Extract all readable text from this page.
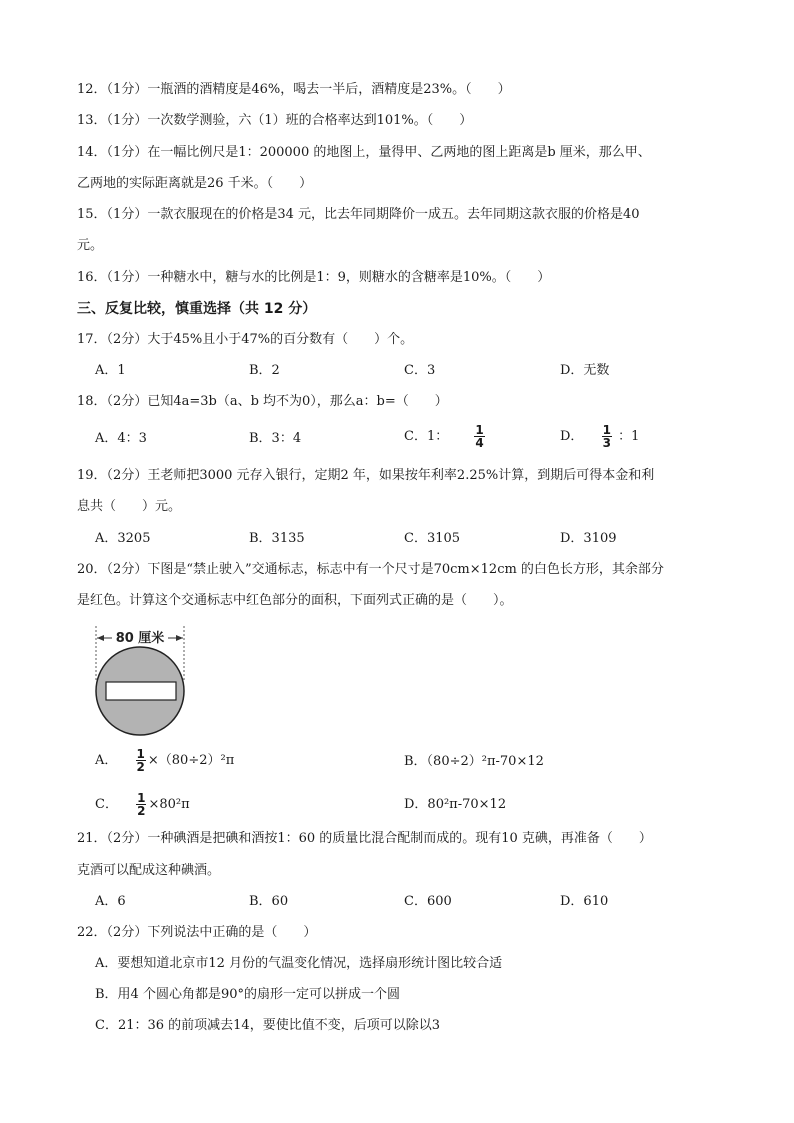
12．（1分）一瓶酒的酒精度是46%，喝去一半后，酒精度是23%。（　　）
13．（1分）一次数学测验，六（1）班的合格率达到101%。（　　）
14．（1分）在一幅比例尺是1：200000 的地图上，量得甲、乙两地的图上距离是b 厘米，那么甲、
乙两地的实际距离就是26 千米。（　　）
15．（1分）一款衣服现在的价格是34 元，比去年同期降价一成五。去年同期这款衣服的价格是40
元。
16．（1分）一种糖水中，糖与水的比例是1：9，则糖水的含糖率是10%。（　　）
三、反复比较，慎重选择（共 12 分）
17．（2分）大于45%且小于47%的百分数有（　　）个。
A．1	B．2	C．3	D．无数
18．（2分）已知4a=3b（a、b 均不为0），那么a：b=（　　）
A．4：3	B．3：4	C．1： $\frac{1}{4}$	D． $\frac{1}{3}$ ：1
19．（2分）王老师把3000 元存入银行，定期2 年，如果按年利率2.25%计算，到期后可得本金和利
息共（　　）元。
A．3205	B．3135	C．3105	D．3109
20．（2分）下图是“禁止驶入”交通标志，标志中有一个尺寸是70cm×12cm 的白色长方形，其余部分
是红色。计算这个交通标志中红色部分的面积，下面列式正确的是（　　）。
80 厘米
A． $\frac{1}{2} \times(80\div 2)^2\pi$	B．（80÷2）²π-70×12
C． $\frac{1}{2} \times 80^2\pi$	D．80²π-70×12
21．（2分）一种碘酒是把碘和酒按1：60 的质量比混合配制而成的。现有10 克碘，再准备（　　）
克酒可以配成这种碘酒。
A．6	B．60	C．600	D．610
22．（2分）下列说法中正确的是（　　）
A．要想知道北京市12 月份的气温变化情况，选择扇形统计图比较合适
B．用4 个圆心角都是90°的扇形一定可以拼成一个圆
C．21：36 的前项减去14，要使比值不变，后项可以除以3
